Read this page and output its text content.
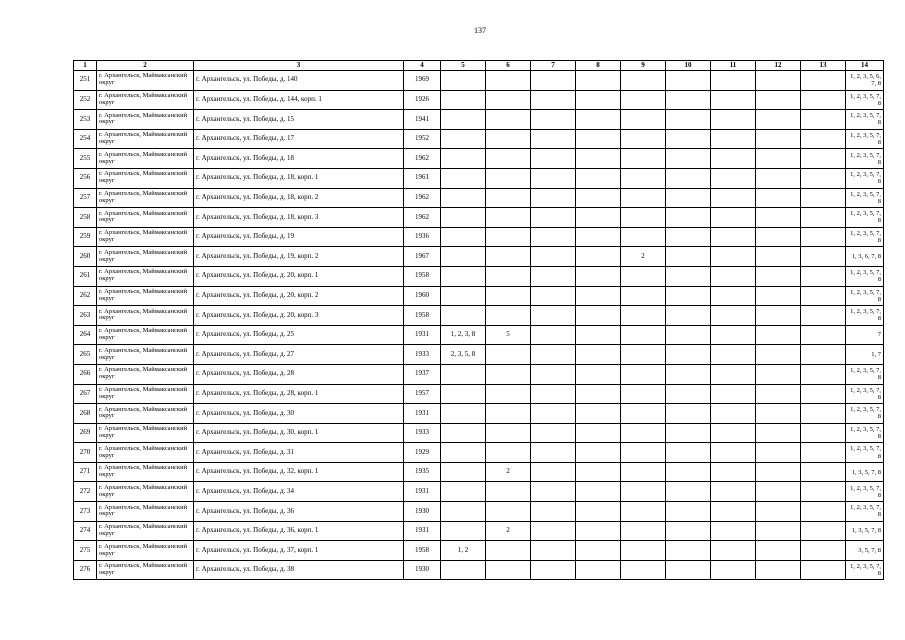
137
1	2	3	4	5	6	7	8	9	10	11	12	13	14
251	г. Архангельск, Маймаксанский округ	г. Архангельск, ул. Победы, д. 140	1969										1, 2, 3, 5, 6, 7, 8
252	г. Архангельск, Маймаксанский округ	г. Архангельск, ул. Победы, д. 144, корп. 1	1926										1, 2, 3, 5, 7, 8
253	г. Архангельск, Маймаксанский округ	г. Архангельск, ул. Победы, д. 15	1941										1, 2, 3, 5, 7, 8
254	г. Архангельск, Маймаксанский округ	г. Архангельск, ул. Победы, д. 17	1952										1, 2, 3, 5, 7, 8
255	г. Архангельск, Маймаксанский округ	г. Архангельск, ул. Победы, д. 18	1962										1, 2, 3, 5, 7, 8
256	г. Архангельск, Маймаксанский округ	г. Архангельск, ул. Победы, д. 18, корп. 1	1961										1, 2, 3, 5, 7, 8
257	г. Архангельск, Маймаксанский округ	г. Архангельск, ул. Победы, д. 18, корп. 2	1962										1, 2, 3, 5, 7, 8
258	г. Архангельск, Маймаксанский округ	г. Архангельск, ул. Победы, д. 18, корп. 3	1962										1, 2, 3, 5, 7, 8
259	г. Архангельск, Маймаксанский округ	г. Архангельск, ул. Победы, д. 19	1936										1, 2, 3, 5, 7, 8
260	г. Архангельск, Маймаксанский округ	г. Архангельск, ул. Победы, д. 19, корп. 2	1967					2					1, 3, 6, 7, 8
261	г. Архангельск, Маймаксанский округ	г. Архангельск, ул. Победы, д. 20, корп. 1	1958										1, 2, 3, 5, 7, 8
262	г. Архангельск, Маймаксанский округ	г. Архангельск, ул. Победы, д. 20, корп. 2	1960										1, 2, 3, 5, 7, 8
263	г. Архангельск, Маймаксанский округ	г. Архангельск, ул. Победы, д. 20, корп. 3	1958										1, 2, 3, 5, 7, 8
264	г. Архангельск, Маймаксанский округ	г. Архангельск, ул. Победы, д. 25	1931	1, 2, 3, 8	5								7
265	г. Архангельск, Маймаксанский округ	г. Архангельск, ул. Победы, д. 27	1933	2, 3, 5, 8									1, 7
266	г. Архангельск, Маймаксанский округ	г. Архангельск, ул. Победы, д. 28	1937										1, 2, 3, 5, 7, 8
267	г. Архангельск, Маймаксанский округ	г. Архангельск, ул. Победы, д. 28, корп. 1	1957										1, 2, 3, 5, 7, 8
268	г. Архангельск, Маймаксанский округ	г. Архангельск, ул. Победы, д. 30	1931										1, 2, 3, 5, 7, 8
269	г. Архангельск, Маймаксанский округ	г. Архангельск, ул. Победы, д. 30, корп. 1	1933										1, 2, 3, 5, 7, 8
270	г. Архангельск, Маймаксанский округ	г. Архангельск, ул. Победы, д. 31	1929										1, 2, 3, 5, 7, 8
271	г. Архангельск, Маймаксанский округ	г. Архангельск, ул. Победы, д. 32, корп. 1	1935		2								1, 3, 5, 7, 8
272	г. Архангельск, Маймаксанский округ	г. Архангельск, ул. Победы, д. 34	1931										1, 2, 3, 5, 7, 8
273	г. Архангельск, Маймаксанский округ	г. Архангельск, ул. Победы, д. 36	1930										1, 2, 3, 5, 7, 8
274	г. Архангельск, Маймаксанский округ	г. Архангельск, ул. Победы, д. 36, корп. 1	1931		2								1, 3, 5, 7, 8
275	г. Архангельск, Маймаксанский округ	г. Архангельск, ул. Победы, д. 37, корп. 1	1958	1, 2									3, 5, 7, 8
276	г. Архангельск, Маймаксанский округ	г. Архангельск, ул. Победы, д. 38	1930										1, 2, 3, 5, 7, 8
